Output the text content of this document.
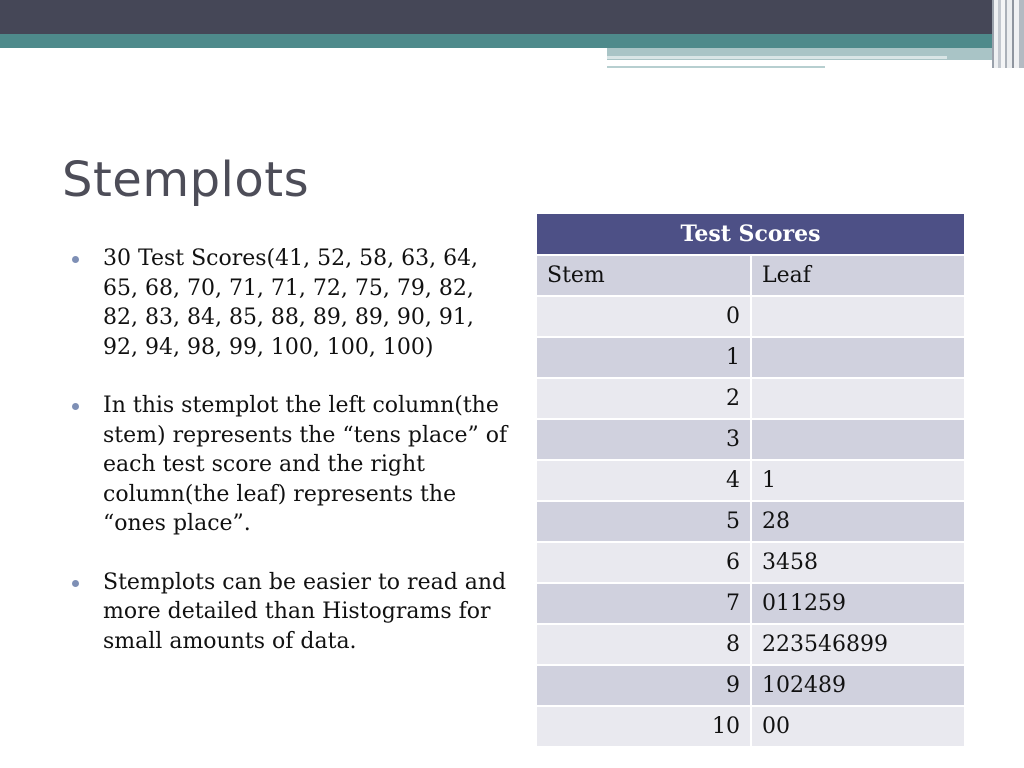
Stemplots
30 Test Scores(41, 52, 58, 63, 64, 65, 68, 70, 71, 71, 72, 75, 79, 82, 82, 83, 84, 85, 88, 89, 89, 90, 91, 92, 94, 98, 99, 100, 100, 100)
In this stemplot the left column(the stem) represents the “tens place” of each test score and the right column(the leaf) represents the “ones place”.
Stemplots can be easier to read and more detailed than Histograms for small amounts of data.
Test Scores	
Stem	Leaf
0	
1	
2	
3	
4	1
5	28
6	3458
7	011259
8	223546899
9	102489
10	00
